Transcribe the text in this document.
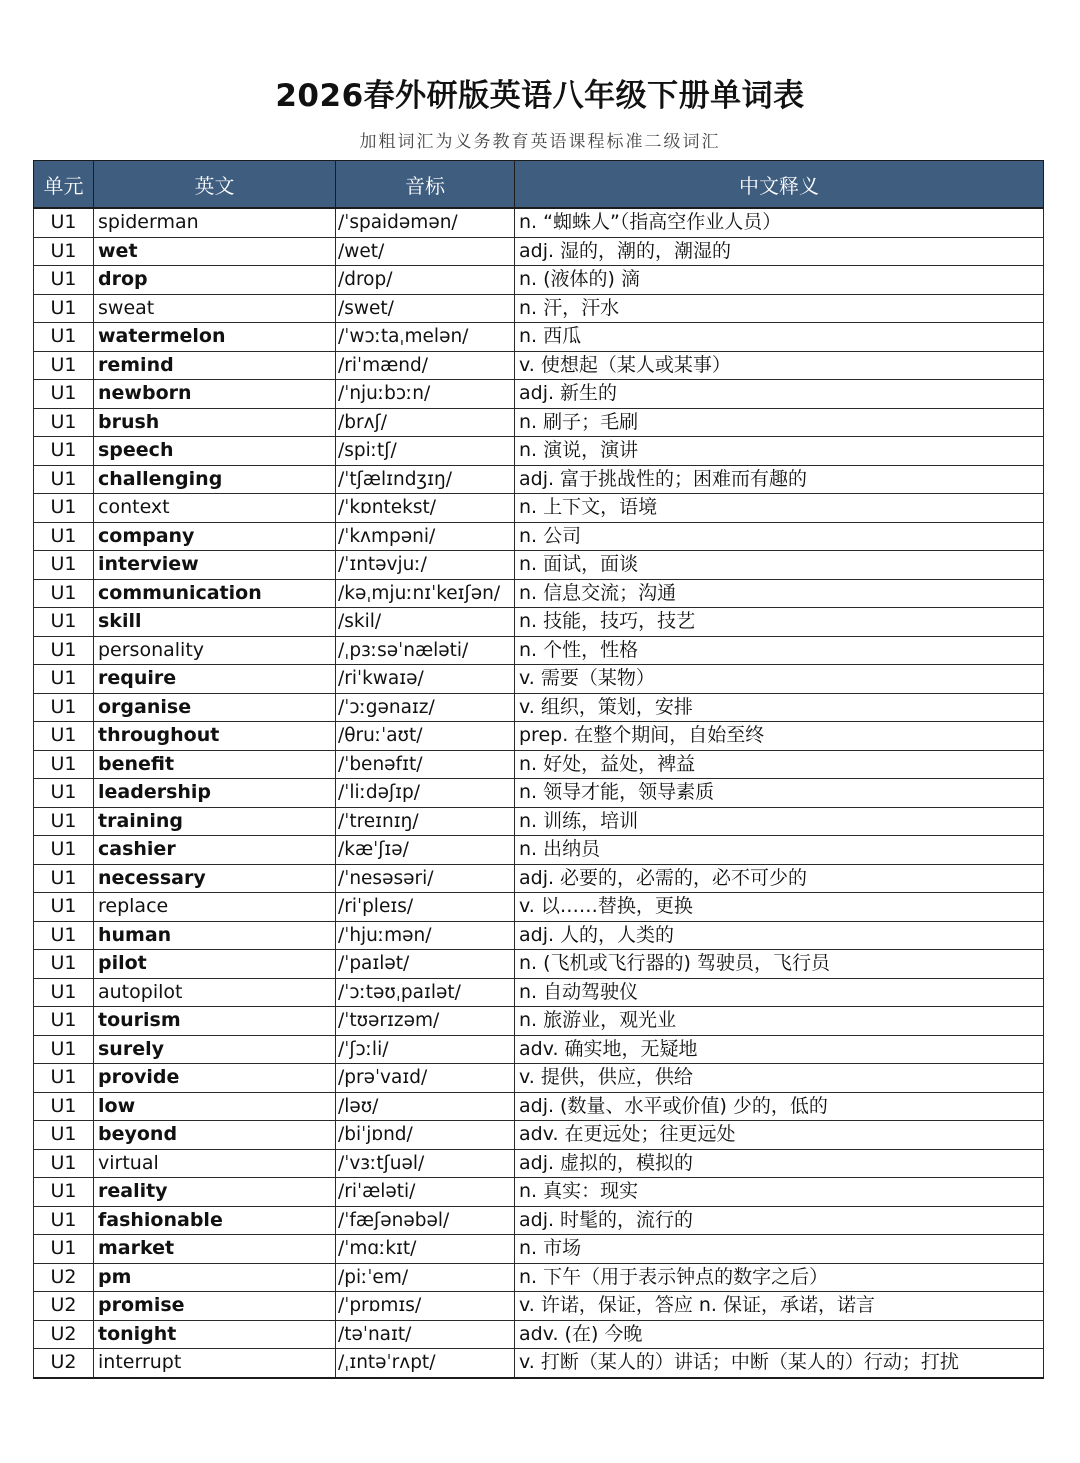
2026春外研版英语八年级下册单词表
加粗词汇为义务教育英语课程标准二级词汇
单元	英文	音标	中文释义
U1	spiderman	/ˈspaidəmən/	n. “蜘蛛人”（指高空作业人员）
U1	wet	/wet/	adj. 湿的，潮的，潮湿的
U1	drop	/drop/	n. (液体的) 滴
U1	sweat	/swet/	n. 汗，汗水
U1	watermelon	/ˈwɔːtaˌmelən/	n. 西瓜
U1	remind	/riˈmænd/	v. 使想起（某人或某事）
U1	newborn	/ˈnjuːbɔːn/	adj. 新生的
U1	brush	/brʌʃ/	n. 刷子；毛刷
U1	speech	/spiːtʃ/	n. 演说，演讲
U1	challenging	/ˈtʃælɪndʒɪŋ/	adj. 富于挑战性的；困难而有趣的
U1	context	/ˈkɒntekst/	n. 上下文，语境
U1	company	/ˈkʌmpəni/	n. 公司
U1	interview	/ˈɪntəvjuː/	n. 面试，面谈
U1	communication	/kəˌmjuːnɪˈkeɪʃən/	n. 信息交流；沟通
U1	skill	/skil/	n. 技能，技巧，技艺
U1	personality	/ˌpɜːsəˈnæləti/	n. 个性，性格
U1	require	/riˈkwaɪə/	v. 需要（某物）
U1	organise	/ˈɔːgənaɪz/	v. 组织，策划，安排
U1	throughout	/θruːˈaʊt/	prep. 在整个期间，自始至终
U1	benefit	/ˈbenəfɪt/	n. 好处，益处，裨益
U1	leadership	/ˈliːdəʃɪp/	n. 领导才能，领导素质
U1	training	/ˈtreɪnɪŋ/	n. 训练，培训
U1	cashier	/kæˈʃɪə/	n. 出纳员
U1	necessary	/ˈnesəsəri/	adj. 必要的，必需的，必不可少的
U1	replace	/riˈpleɪs/	v. 以……替换，更换
U1	human	/ˈhjuːmən/	adj. 人的，人类的
U1	pilot	/ˈpaɪlət/	n. (飞机或飞行器的) 驾驶员，飞行员
U1	autopilot	/ˈɔːtəʊˌpaɪlət/	n. 自动驾驶仪
U1	tourism	/ˈtʊərɪzəm/	n. 旅游业，观光业
U1	surely	/ˈʃɔːli/	adv. 确实地，无疑地
U1	provide	/prəˈvaɪd/	v. 提供，供应，供给
U1	low	/ləʊ/	adj. (数量、水平或价值) 少的，低的
U1	beyond	/biˈjɒnd/	adv. 在更远处；往更远处
U1	virtual	/ˈvɜːtʃuəl/	adj. 虚拟的，模拟的
U1	reality	/riˈæləti/	n. 真实：现实
U1	fashionable	/ˈfæʃənəbəl/	adj. 时髦的，流行的
U1	market	/ˈmɑːkɪt/	n. 市场
U2	pm	/piːˈem/	n. 下午（用于表示钟点的数字之后）
U2	promise	/ˈprɒmɪs/	v. 许诺，保证，答应 n. 保证，承诺，诺言
U2	tonight	/təˈnaɪt/	adv. (在) 今晚
U2	interrupt	/ˌɪntəˈrʌpt/	v. 打断（某人的）讲话；中断（某人的）行动；打扰
